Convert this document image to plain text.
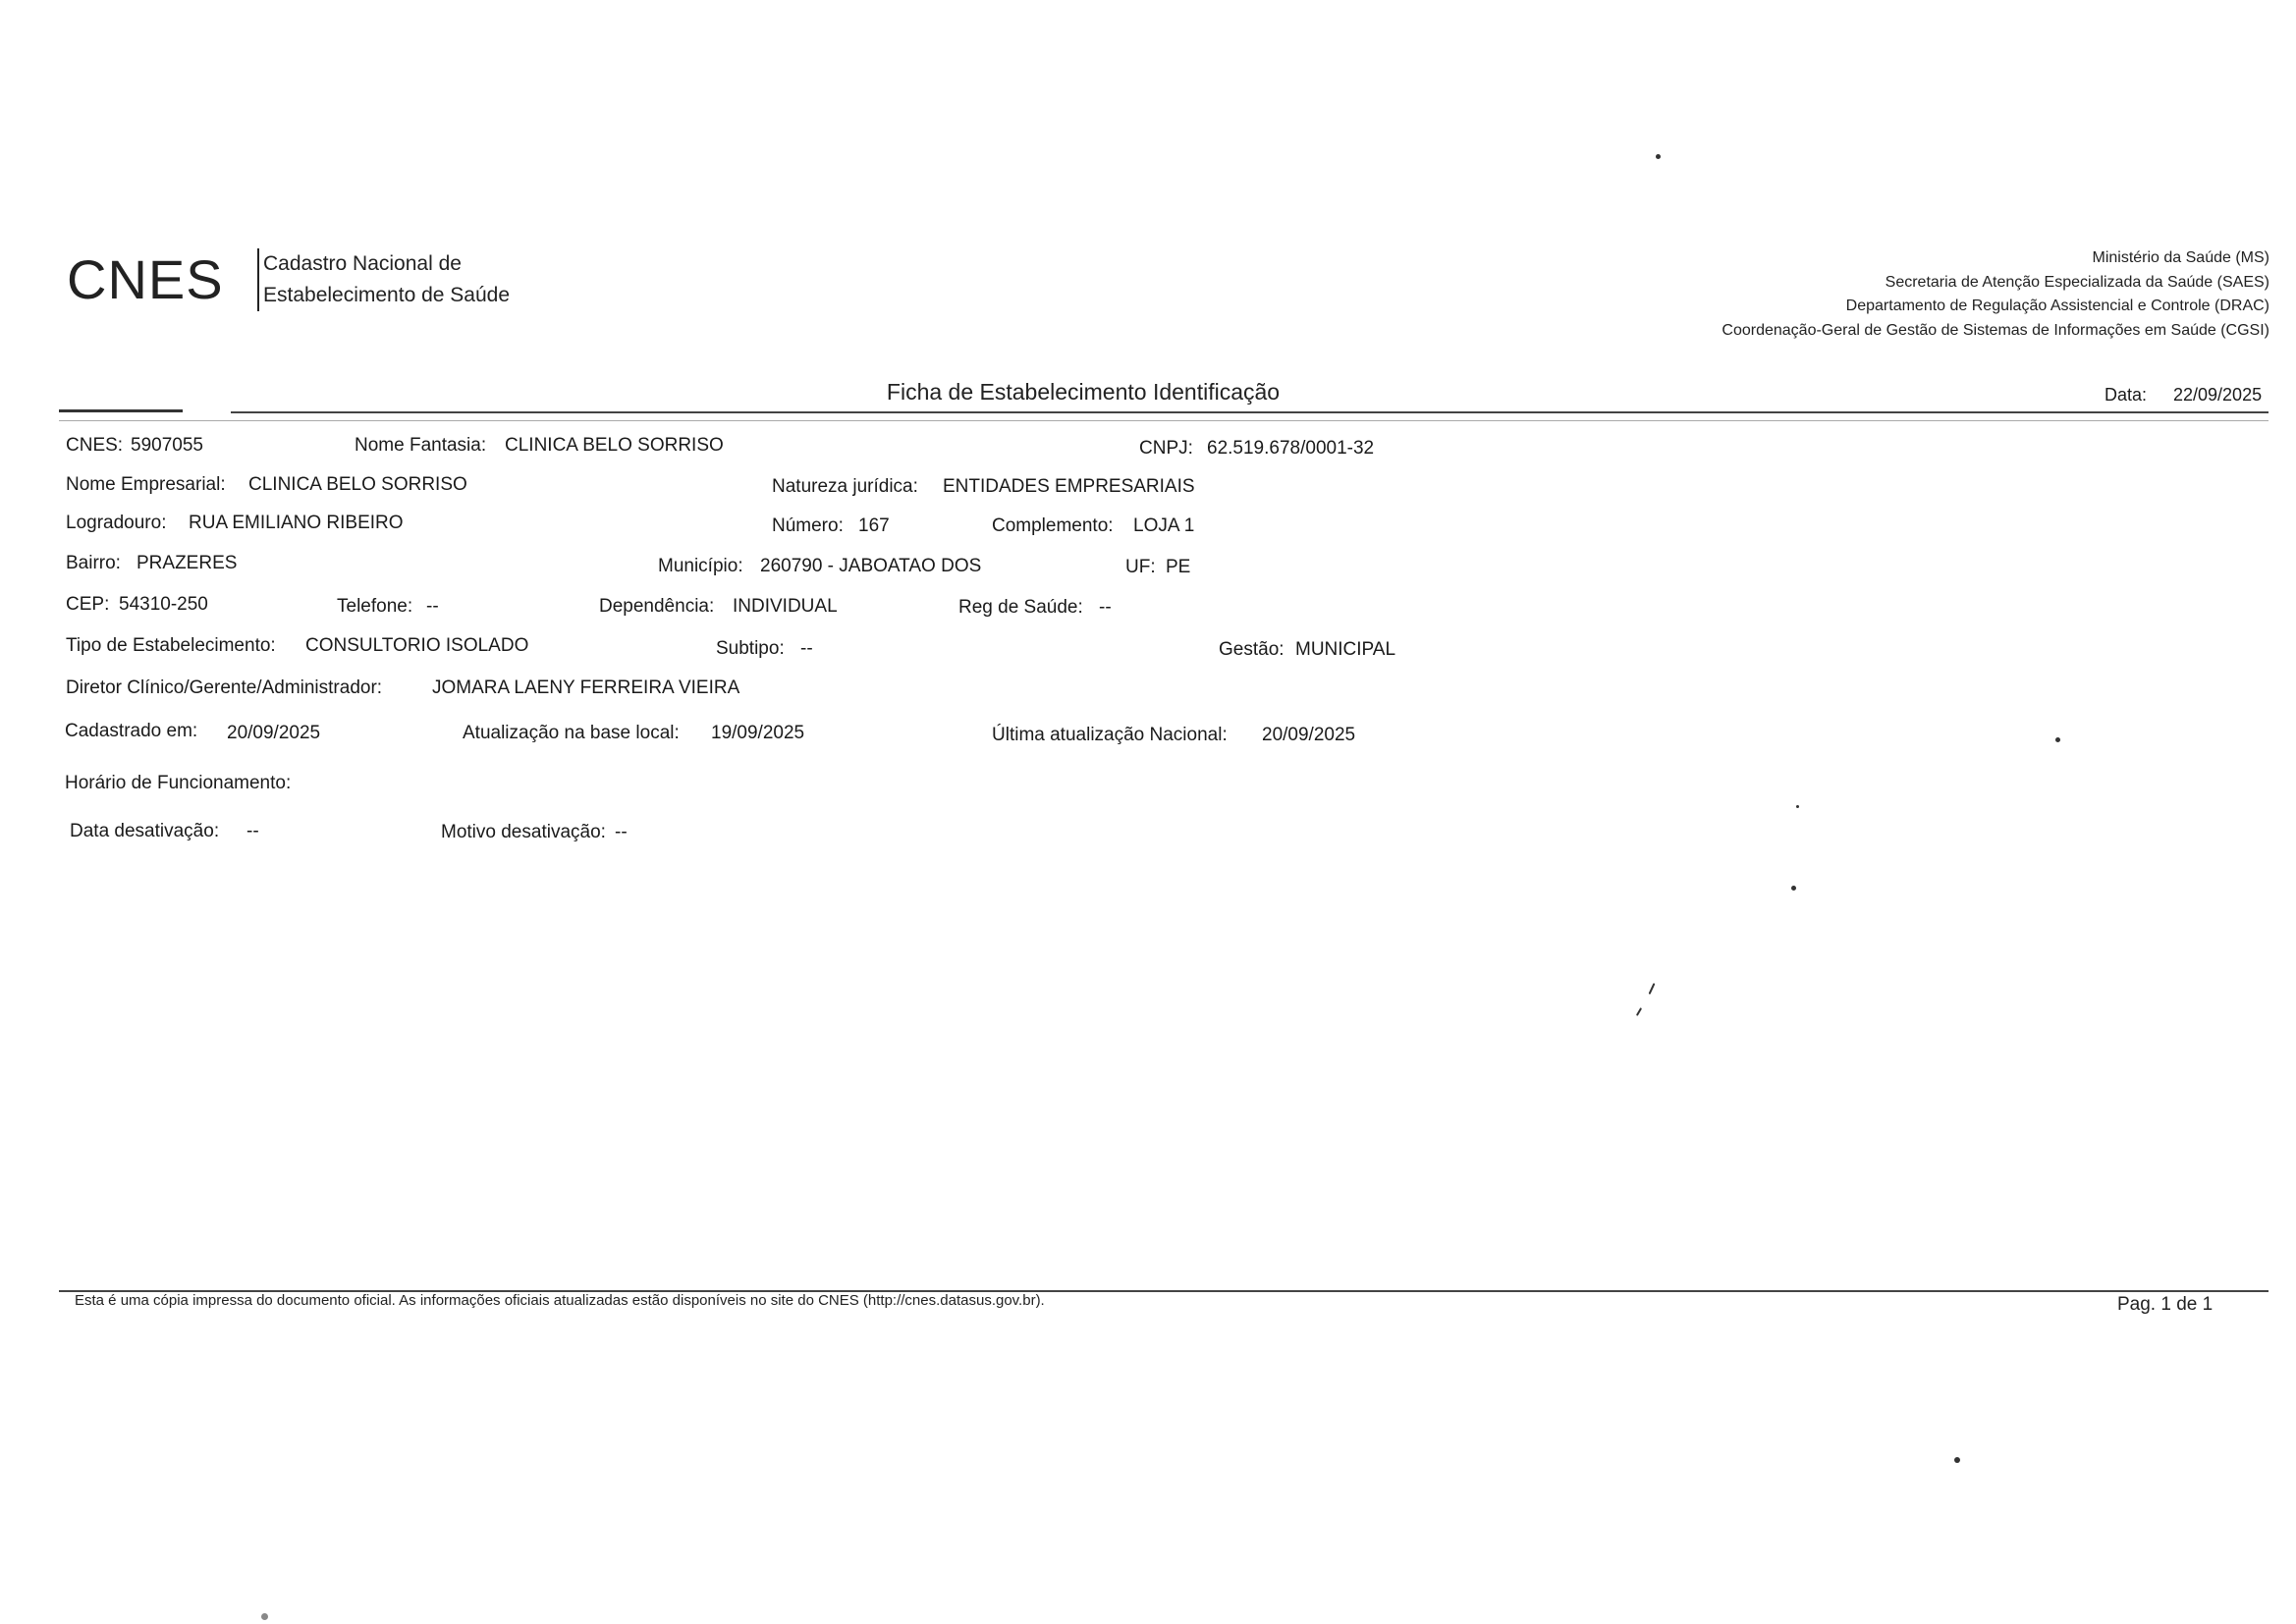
CNES Cadastro Nacional de
Estabelecimento de Saúde
Ministério da Saúde (MS)
Secretaria de Atenção Especializada da Saúde (SAES)
Departamento de Regulação Assistencial e Controle (DRAC)
Coordenação-Geral de Gestão de Sistemas de Informações em Saúde (CGSI)
Ficha de Estabelecimento Identificação	Data: 22/09/2025
CNES: 5907055	Nome Fantasia: CLINICA BELO SORRISO	CNPJ: 62.519.678/0001-32
Nome Empresarial: CLINICA BELO SORRISO	Natureza jurídica: ENTIDADES EMPRESARIAIS
Logradouro: RUA EMILIANO RIBEIRO	Número: 167	Complemento: LOJA 1
Bairro: PRAZERES	Município: 260790 - JABOATAO DOS	UF: PE
CEP: 54310-250	Telefone: --	Dependência: INDIVIDUAL	Reg de Saúde: --
Tipo de Estabelecimento: CONSULTORIO ISOLADO	Subtipo: --	Gestão: MUNICIPAL
Diretor Clínico/Gerente/Administrador:	JOMARA LAENY FERREIRA VIEIRA
Cadastrado em: 20/09/2025	Atualização na base local: 19/09/2025	Última atualização Nacional: 20/09/2025
Horário de Funcionamento:
Data desativação: --	Motivo desativação: --
Esta é uma cópia impressa do documento oficial. As informações oficiais atualizadas estão disponíveis no site do CNES (http://cnes.datasus.gov.br).	Pag. 1 de 1
